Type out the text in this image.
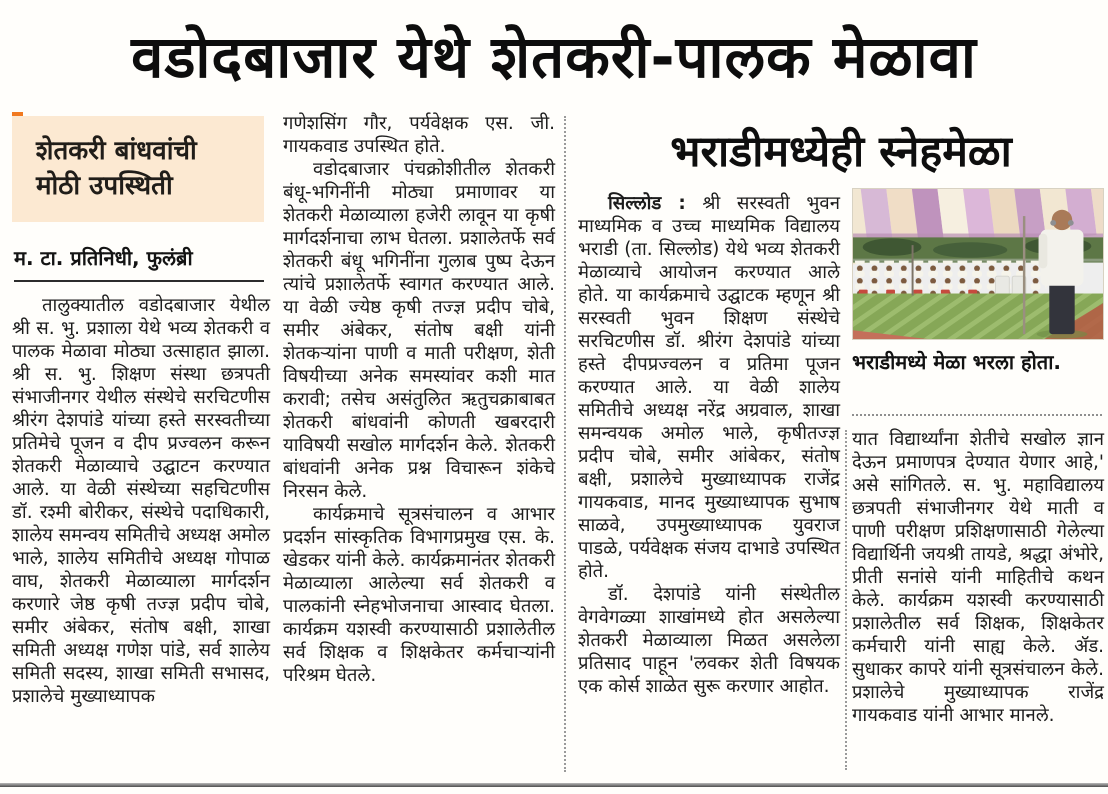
वडोदबाजार येथे शेतकरी-पालक मेळावा
शेतकरी बांधवांची
मोठी उपस्थिती
म. टा. प्रतिनिधी, फुलंब्री

तालुक्यातील वडोदबाजार येथील श्री स. भु. प्रशाला येथे भव्य शेतकरी व पालक मेळावा मोठ्या उत्साहात झाला. श्री स. भु. शिक्षण संस्था छत्रपती संभाजीनगर येथील संस्थेचे सरचिटणीस श्रीरंग देशपांडे यांच्या हस्ते सरस्वतीच्या प्रतिमेचे पूजन व दीप प्रज्वलन करून शेतकरी मेळाव्याचे उद्घाटन करण्यात आले. या वेळी संस्थेच्या सहचिटणीस डॉ. रश्मी बोरीकर, संस्थेचे पदाधिकारी, शालेय समन्वय समितीचे अध्यक्ष अमोल भाले, शालेय समितीचे अध्यक्ष गोपाळ वाघ, शेतकरी मेळाव्याला मार्गदर्शन करणारे जेष्ठ कृषी तज्ज्ञ प्रदीप चोबे, समीर अंबेकर, संतोष बक्षी, शाखा समिती अध्यक्ष गणेश पांडे, सर्व शालेय समिती सदस्य, शाखा समिती सभासद, प्रशालेचे मुख्याध्यापक

गणेशसिंग गौर, पर्यवेक्षक एस. जी. गायकवाड उपस्थित होते.

वडोदबाजार पंचक्रोशीतील शेतकरी बंधू-भगिनींनी मोठ्या प्रमाणावर या शेतकरी मेळाव्याला हजेरी लावून या कृषी मार्गदर्शनाचा लाभ घेतला. प्रशालेतर्फे सर्व शेतकरी बंधू भगिनींना गुलाब पुष्प देऊन त्यांचे प्रशालेतर्फे स्वागत करण्यात आले. या वेळी ज्येष्ठ कृषी तज्ज्ञ प्रदीप चोबे, समीर अंबेकर, संतोष बक्षी यांनी शेतकऱ्यांना पाणी व माती परीक्षण, शेती विषयीच्या अनेक समस्यांवर कशी मात करावी; तसेच असंतुलित ऋतुचक्राबाबत शेतकरी बांधवांनी कोणती खबरदारी याविषयी सखोल मार्गदर्शन केले. शेतकरी बांधवांनी अनेक प्रश्न विचारून शंकेचे निरसन केले.

कार्यक्रमाचे सूत्रसंचालन व आभार प्रदर्शन सांस्कृतिक विभागप्रमुख एस. के. खेडकर यांनी केले. कार्यक्रमानंतर शेतकरी मेळाव्याला आलेल्या सर्व शेतकरी व पालकांनी स्नेहभोजनाचा आस्वाद घेतला. कार्यक्रम यशस्वी करण्यासाठी प्रशालेतील सर्व शिक्षक व शिक्षकेतर कर्मचाऱ्यांनी परिश्रम घेतले.

भराडीमध्येही स्नेहमेळा

सिल्लोड : श्री सरस्वती भुवन माध्यमिक व उच्च माध्यमिक विद्यालय भराडी (ता. सिल्लोड) येथे भव्य शेतकरी मेळाव्याचे आयोजन करण्यात आले होते. या कार्यक्रमाचे उद्घाटक म्हणून श्री सरस्वती भुवन शिक्षण संस्थेचे सरचिटणीस डॉ. श्रीरंग देशपांडे यांच्या हस्ते दीपप्रज्वलन व प्रतिमा पूजन करण्यात आले. या वेळी शालेय समितीचे अध्यक्ष नरेंद्र अग्रवाल, शाखा समन्वयक अमोल भाले, कृषीतज्ज्ञ प्रदीप चोबे, समीर आंबेकर, संतोष बक्षी, प्रशालेचे मुख्याध्यापक राजेंद्र गायकवाड, मानद मुख्याध्यापक सुभाष साळवे, उपमुख्याध्यापक युवराज पाडळे, पर्यवेक्षक संजय दाभाडे उपस्थित होते.

डॉ. देशपांडे यांनी संस्थेतील वेगवेगळ्या शाखांमध्ये होत असलेल्या शेतकरी मेळाव्याला मिळत असलेला प्रतिसाद पाहून 'लवकर शेती विषयक एक कोर्स शाळेत सुरू करणार आहोत.

भराडीमध्ये मेळा भरला होता.

यात विद्यार्थ्यांना शेतीचे सखोल ज्ञान देऊन प्रमाणपत्र देण्यात येणार आहे,' असे सांगितले. स. भु. महाविद्यालय छत्रपती संभाजीनगर येथे माती व पाणी परीक्षण प्रशिक्षणासाठी गेलेल्या विद्यार्थिनी जयश्री तायडे, श्रद्धा अंभोरे, प्रीती सनांसे यांनी माहितीचे कथन केले. कार्यक्रम यशस्वी करण्यासाठी प्रशालेतील सर्व शिक्षक, शिक्षकेतर कर्मचारी यांनी साह्य केले. ॲड. सुधाकर कापरे यांनी सूत्रसंचालन केले. प्रशालेचे मुख्याध्यापक राजेंद्र गायकवाड यांनी आभार मानले.
